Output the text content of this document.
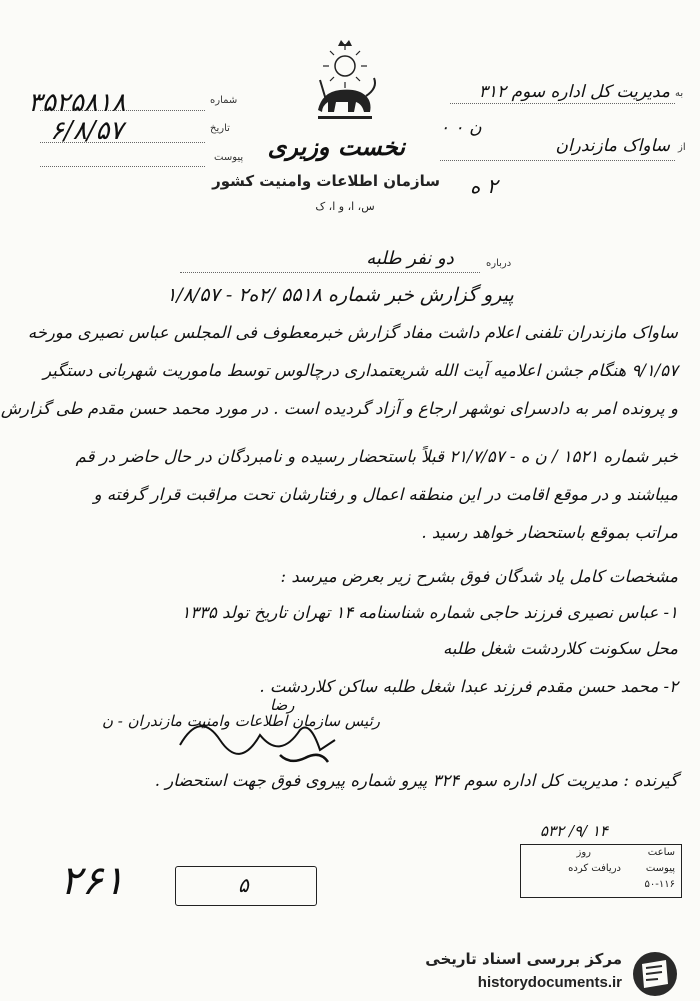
شماره
تاریخ
پیوست
۳۵۲۵۸۱۸
۶/۸/۵۷
نخست وزیری
سازمان اطلاعات وامنیت کشور
س، ا، و ا، ک
به
مدیریت کل اداره سوم ۳۱۲
ن ۰ ۰
از
ساواک مازندران
۲ ه
درباره
دو نفر طلبه
پیرو گزارش خبر شماره ۵۵۱۸ /۲ه۲ - ۱/۸/۵۷
ساواک مازندران تلفنی اعلام داشت مفاد گزارش خبرمعطوف فی المجلس عباس نصیری مورخه
۹/۱/۵۷ هنگام جشن اعلامیه آیت الله شریعتمداری درچالوس توسط ماموریت شهربانی دستگیر
و پرونده امر به دادسرای نوشهر ارجاع و آزاد گردیده است . در مورد محمد حسن مقدم طی گزارش
خبر شماره ۱۵۲۱ / ن ه - ۲۱/۷/۵۷ قبلاً باستحضار رسیده و نامبردگان در حال حاضر در قم
میباشند و در موقع اقامت در این منطقه اعمال و رفتارشان تحت مراقبت قرار گرفته و
مراتب بموقع باستحضار خواهد رسید .
مشخصات کامل یاد شدگان فوق بشرح زیر بعرض میرسد :
۱- عباس نصیری فرزند حاجی شماره شناسنامه ۱۴ تهران تاریخ تولد ۱۳۳۵
محل سکونت کلاردشت شغل طلبه
۲- محمد حسن مقدم فرزند عبدا شغل طلبه ساکن کلاردشت .
رضا
رئیس سازمان اطلاعات وامنیت مازندران - ن
گیرنده : مدیریت کل اداره سوم ۳۲۴ پیرو شماره پیروی فوق جهت استحضار .
۵۳۲ /۹/ ۱۴
ساعت
روز
پیوست
دریافت کرده
۵۰-۱۱۶
۵
۲۶۱
مرکز بررسی اسناد تاریخی
historydocuments.ir
